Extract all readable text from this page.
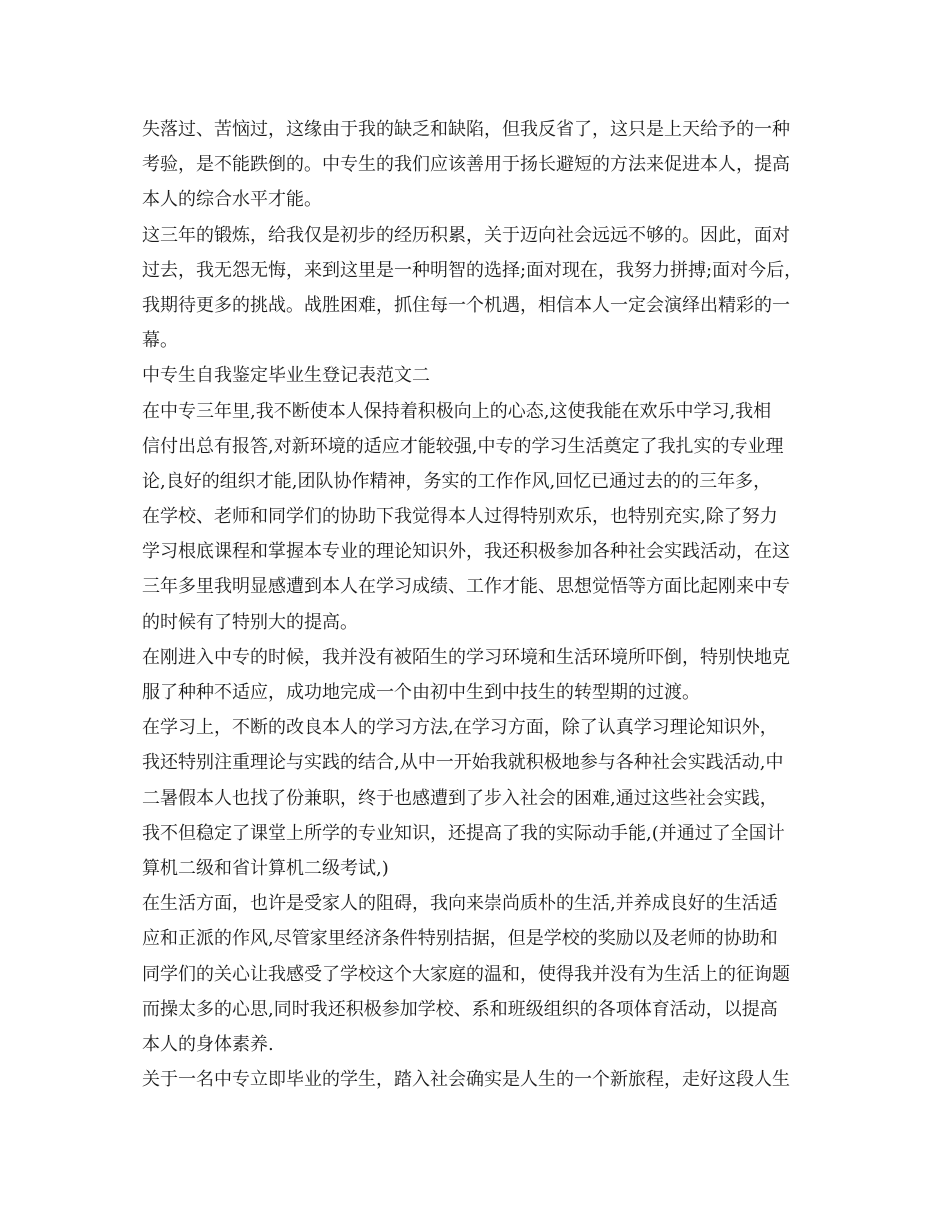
失落过、苦恼过，这缘由于我的缺乏和缺陷，但我反省了，这只是上天给予的一种
考验，是不能跌倒的。中专生的我们应该善用于扬长避短的方法来促进本人，提高
本人的综合水平才能。
这三年的锻炼，给我仅是初步的经历积累，关于迈向社会远远不够的。因此，面对
过去，我无怨无悔，来到这里是一种明智的选择;面对现在，我努力拼搏;面对今后，
我期待更多的挑战。战胜困难，抓住每一个机遇，相信本人一定会演绎出精彩的一
幕。
中专生自我鉴定毕业生登记表范文二
在中专三年里,我不断使本人保持着积极向上的心态,这使我能在欢乐中学习,我相
信付出总有报答,对新环境的适应才能较强,中专的学习生活奠定了我扎实的专业理
论,良好的组织才能,团队协作精神，务实的工作作风,回忆已通过去的的三年多，
在学校、老师和同学们的协助下我觉得本人过得特别欢乐，也特别充实,除了努力
学习根底课程和掌握本专业的理论知识外，我还积极参加各种社会实践活动，在这
三年多里我明显感遭到本人在学习成绩、工作才能、思想觉悟等方面比起刚来中专
的时候有了特别大的提高。
在刚进入中专的时候，我并没有被陌生的学习环境和生活环境所吓倒，特别快地克
服了种种不适应，成功地完成一个由初中生到中技生的转型期的过渡。
在学习上，不断的改良本人的学习方法,在学习方面，除了认真学习理论知识外，
我还特别注重理论与实践的结合,从中一开始我就积极地参与各种社会实践活动,中
二暑假本人也找了份兼职，终于也感遭到了步入社会的困难,通过这些社会实践，
我不但稳定了课堂上所学的专业知识，还提高了我的实际动手能,(并通过了全国计
算机二级和省计算机二级考试,)
在生活方面，也许是受家人的阻碍，我向来崇尚质朴的生活,并养成良好的生活适
应和正派的作风,尽管家里经济条件特别拮据，但是学校的奖励以及老师的协助和
同学们的关心让我感受了学校这个大家庭的温和，使得我并没有为生活上的征询题
而操太多的心思,同时我还积极参加学校、系和班级组织的各项体育活动，以提高
本人的身体素养.
关于一名中专立即毕业的学生，踏入社会确实是人生的一个新旅程，走好这段人生
